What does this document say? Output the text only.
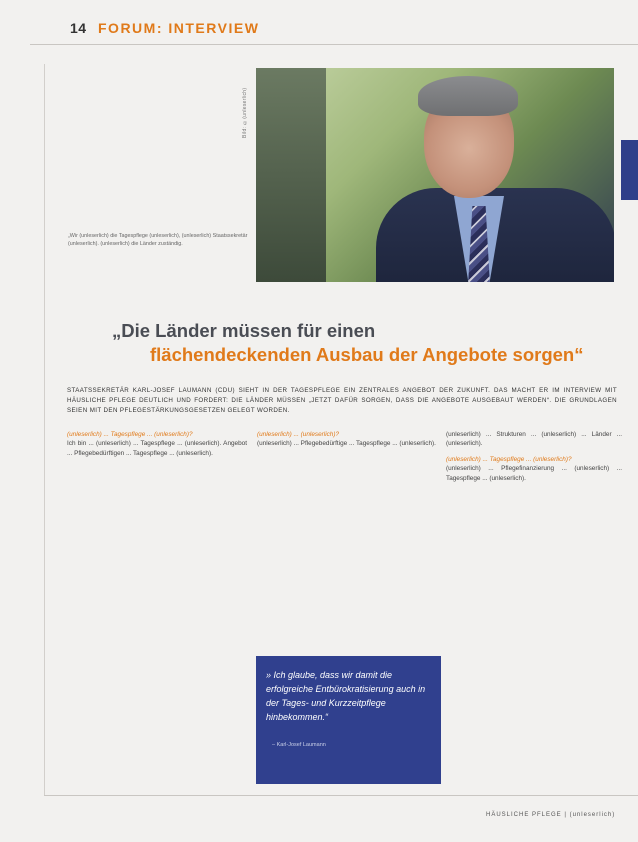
14 FORUM: INTERVIEW
Bild: ©(unleserlich)
„Wir (unleserlich) die Tagespflege (unleserlich), (unleserlich) Staatssekretär (unleserlich). (unleserlich) die Länder zuständig.
„Die Länder müssen für einen
flächendeckenden Ausbau der Angebote sorgen“
STAATSSEKRETÄR KARL-JOSEF LAUMANN (CDU) SIEHT IN DER TAGESPFLEGE EIN ZENTRALES ANGEBOT DER ZUKUNFT. DAS MACHT ER IM INTERVIEW MIT HÄUSLICHE PFLEGE DEUTLICH UND FORDERT: DIE LÄNDER MÜSSEN „JETZT DAFÜR SORGEN, DASS DIE ANGEBOTE AUSGEBAUT WERDEN“. DIE GRUNDLAGEN SEIEN MIT DEN PFLEGESTÄRKUNGSGESETZEN GELEGT WORDEN.

(unleserlich) ... Tagespflege ... (unleserlich)?

Ich bin ... (unleserlich) ... Tagespflege ... (unleserlich). Angebot ... Pflegebedürftigen ... Tagespflege ... (unleserlich).

(unleserlich) ... (unleserlich)?

(unleserlich) ... Pflegebedürftige ... Tagespflege ... (unleserlich).

(unleserlich) ... Strukturen ... (unleserlich) ... Länder ... (unleserlich).

(unleserlich) ... Tagespflege ... (unleserlich)?

(unleserlich) ... Pflegefinanzierung ... (unleserlich) ... Tagespflege ... (unleserlich).

» Ich glaube, dass wir damit die erfolgreiche Entbürokratisierung auch in der Tages- und Kurzzeitpflege hinbekommen.“
– Karl-Josef Laumann
HÄUSLICHE PFLEGE | (unleserlich)
